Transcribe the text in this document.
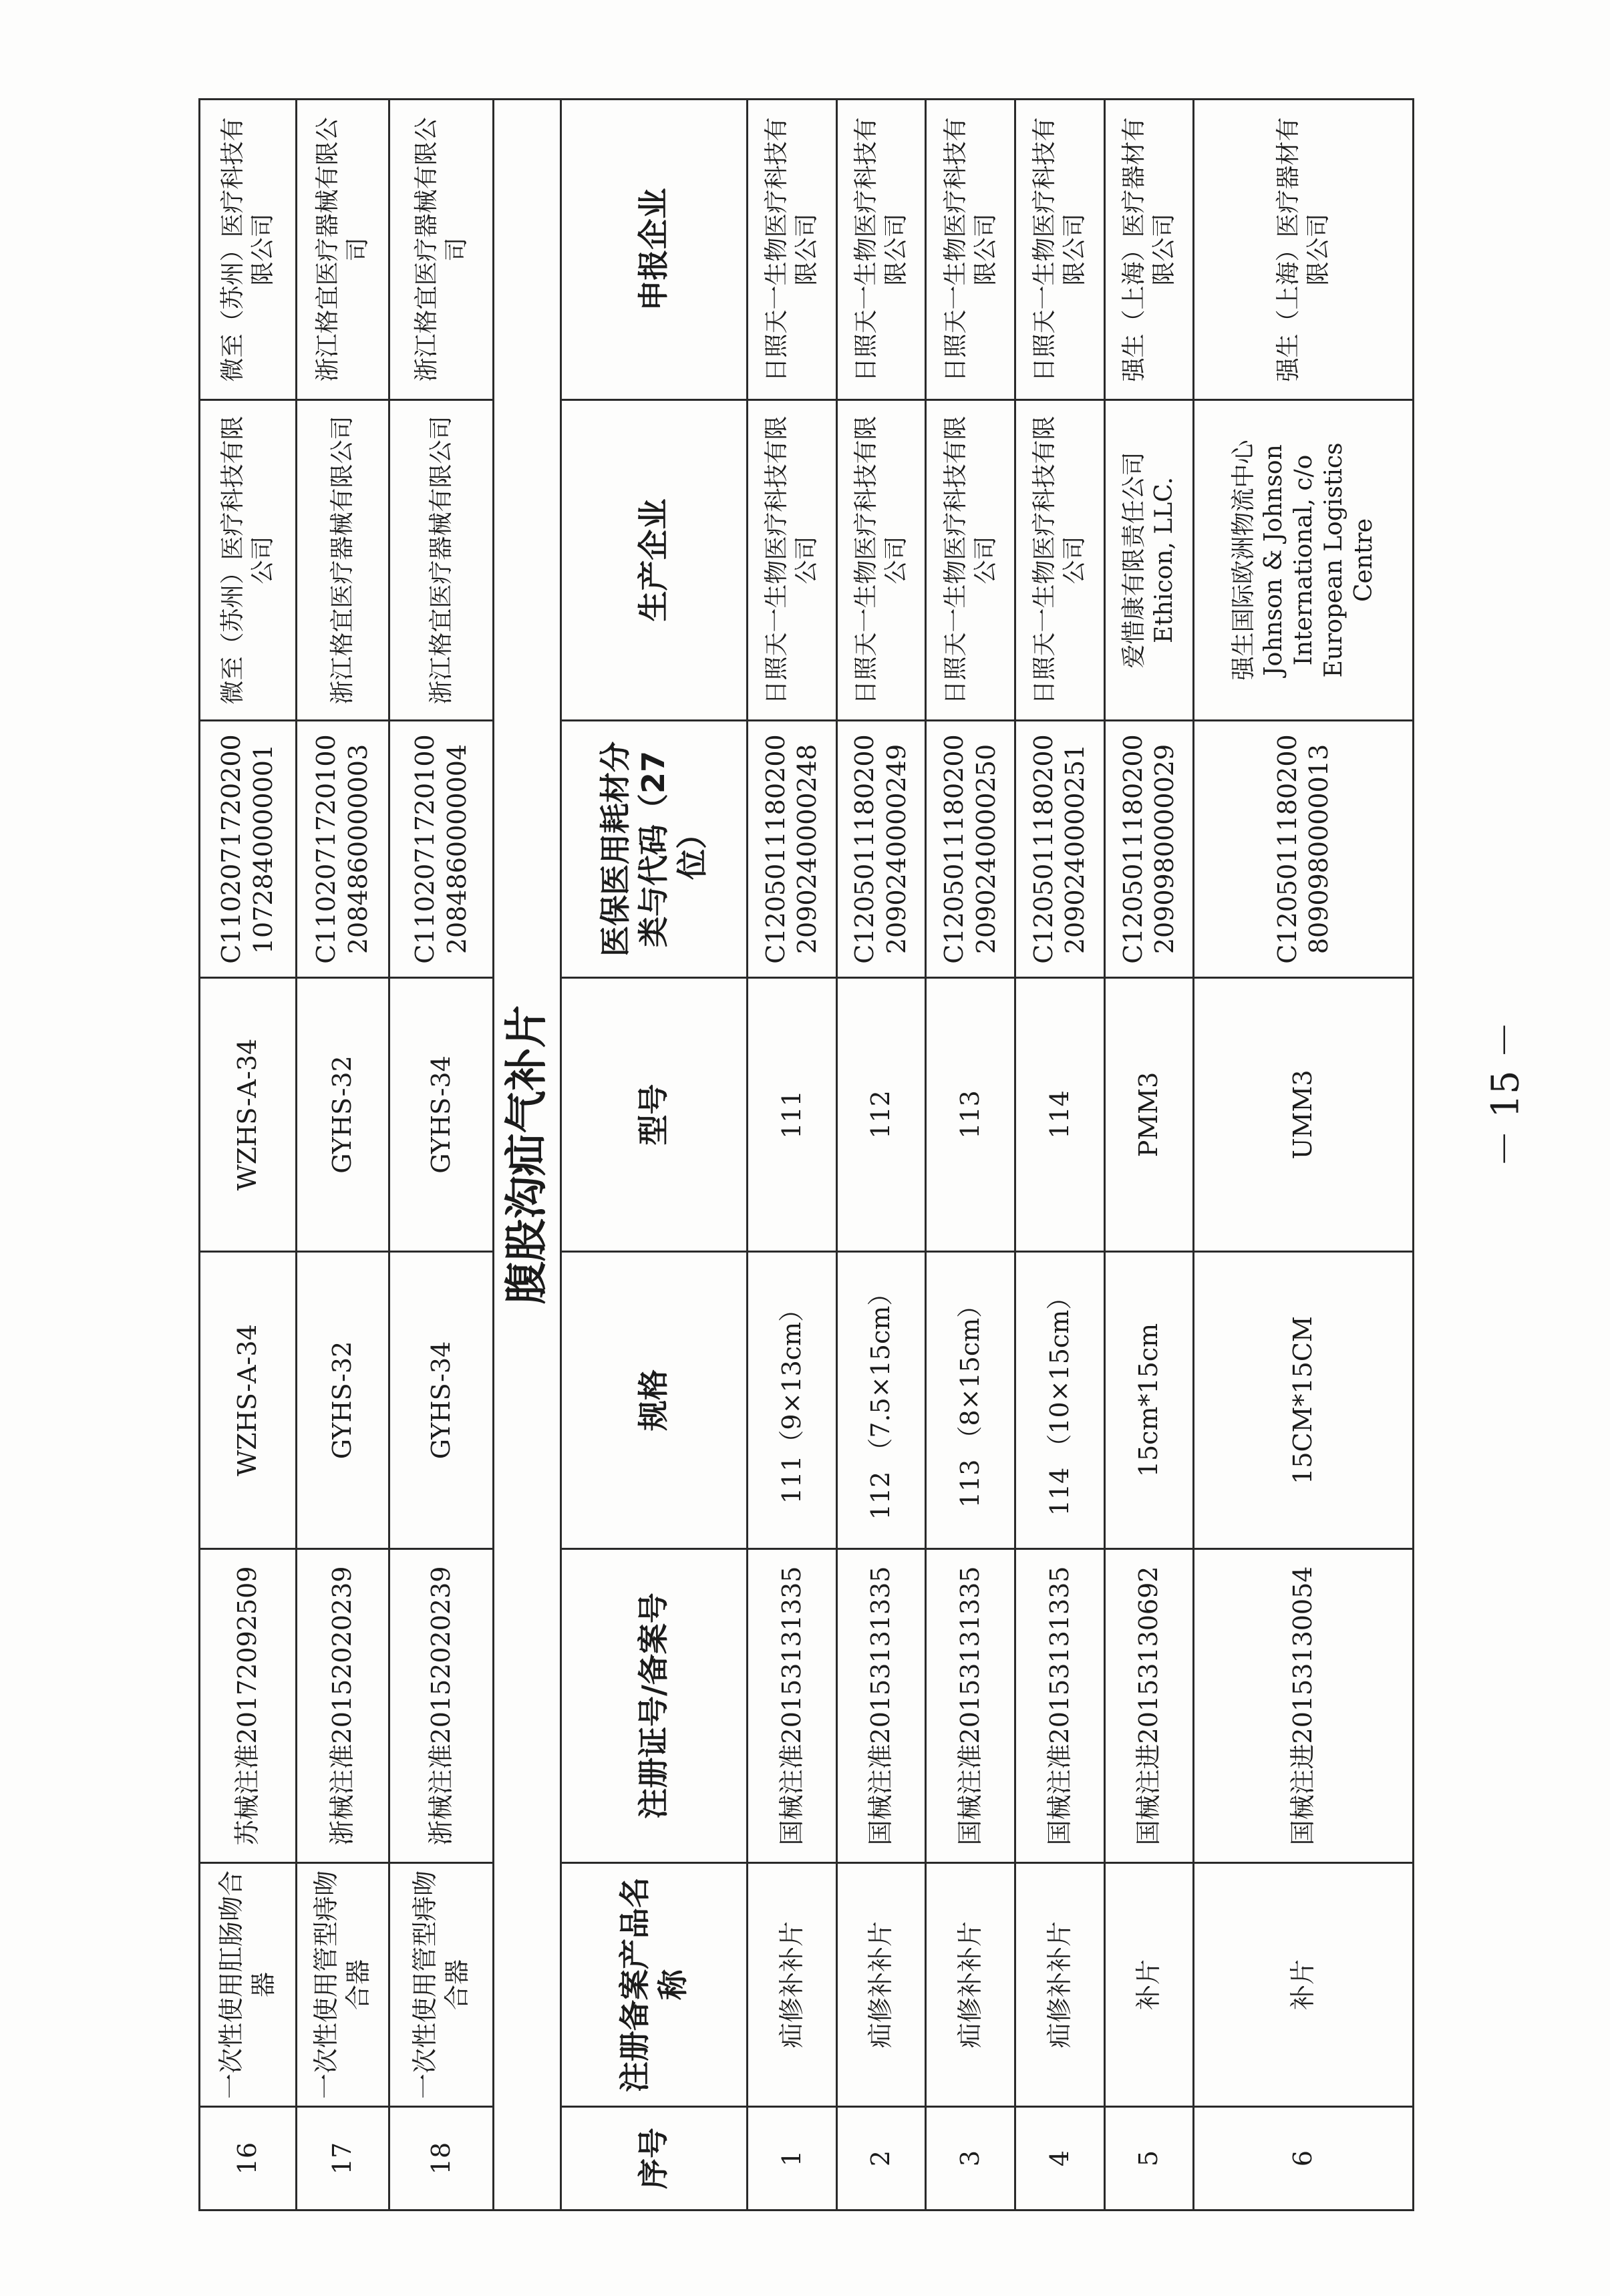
16	一次性使用肛肠吻合器	苏械注准20172092509	WZHS-A-34	WZHS-A-34	C11020717202001072840000001	微至（苏州）医疗科技有限公司	微至（苏州）医疗科技有限公司
17	一次性使用管型痔吻合器	浙械注准20152020239	GYHS-32	GYHS-32	C11020717201002084860000003	浙江格宜医疗器械有限公司	浙江格宜医疗器械有限公司
18	一次性使用管型痔吻合器	浙械注准20152020239	GYHS-34	GYHS-34	C11020717201002084860000004	浙江格宜医疗器械有限公司	浙江格宜医疗器械有限公司
腹股沟疝气补片							
序号	注册备案产品名称	注册证号/备案号	规格	型号	医保医用耗材分类与代码（27位）	生产企业	申报企业
1	疝修补补片	国械注准20153131335	111（9×13cm）	111	C12050111802002090240000248	日照天一生物医疗科技有限公司	日照天一生物医疗科技有限公司
2	疝修补补片	国械注准20153131335	112 （7.5×15cm）	112	C12050111802002090240000249	日照天一生物医疗科技有限公司	日照天一生物医疗科技有限公司
3	疝修补补片	国械注准20153131335	113 （8×15cm）	113	C12050111802002090240000250	日照天一生物医疗科技有限公司	日照天一生物医疗科技有限公司
4	疝修补补片	国械注准20153131335	114 （10×15cm）	114	C12050111802002090240000251	日照天一生物医疗科技有限公司	日照天一生物医疗科技有限公司
5	补片	国械注进20153130692	15cm*15cm	PMM3	C12050111802002090980000029	爱惜康有限责任公司 Ethicon, LLC.	强生（上海）医疗器材有限公司
6	补片	国械注进20153130054	15CM*15CM	UMM3	C12050111802008090980000013	强生国际欧洲物流中心 Johnson & Johnson International, c/o European Logistics Centre	强生（上海）医疗器材有限公司
－ 15 －
